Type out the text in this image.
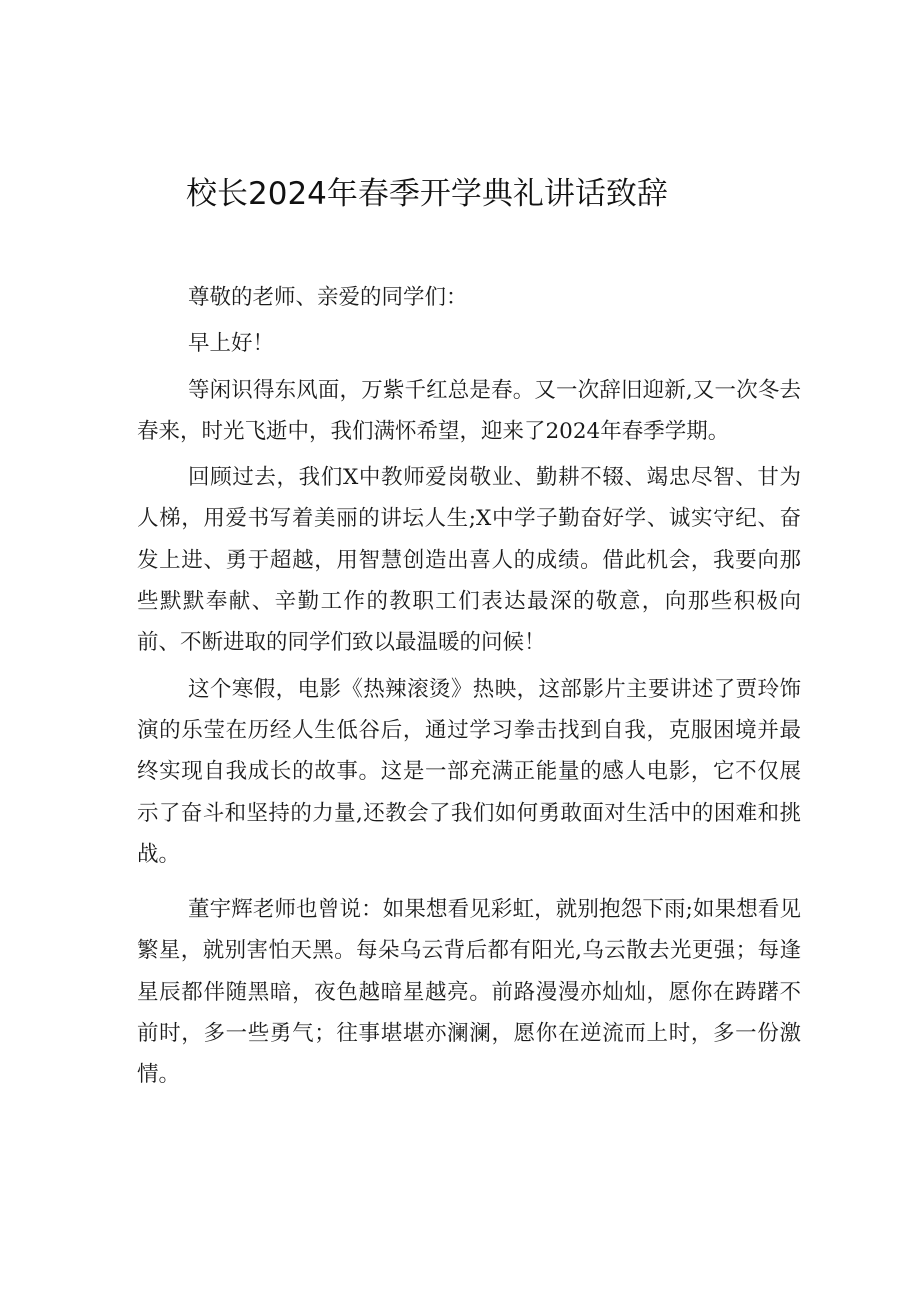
校长2024年春季开学典礼讲话致辞

尊敬的老师、亲爱的同学们：

早上好！

等闲识得东风面，万紫千红总是春。又一次辞旧迎新,又一次冬去春来，时光飞逝中，我们满怀希望，迎来了2024年春季学期。

回顾过去，我们X中教师爱岗敬业、勤耕不辍、竭忠尽智、甘为人梯，用爱书写着美丽的讲坛人生;X中学子勤奋好学、诚实守纪、奋发上进、勇于超越，用智慧创造出喜人的成绩。借此机会，我要向那些默默奉献、辛勤工作的教职工们表达最深的敬意，向那些积极向前、不断进取的同学们致以最温暖的问候！

这个寒假，电影《热辣滚烫》热映，这部影片主要讲述了贾玲饰演的乐莹在历经人生低谷后，通过学习拳击找到自我，克服困境并最终实现自我成长的故事。这是一部充满正能量的感人电影，它不仅展示了奋斗和坚持的力量,还教会了我们如何勇敢面对生活中的困难和挑战。

董宇辉老师也曾说：如果想看见彩虹，就别抱怨下雨;如果想看见繁星，就别害怕天黑。每朵乌云背后都有阳光,乌云散去光更强；每逢星辰都伴随黑暗，夜色越暗星越亮。前路漫漫亦灿灿，愿你在踌躇不前时，多一些勇气；往事堪堪亦澜澜，愿你在逆流而上时，多一份激情。
